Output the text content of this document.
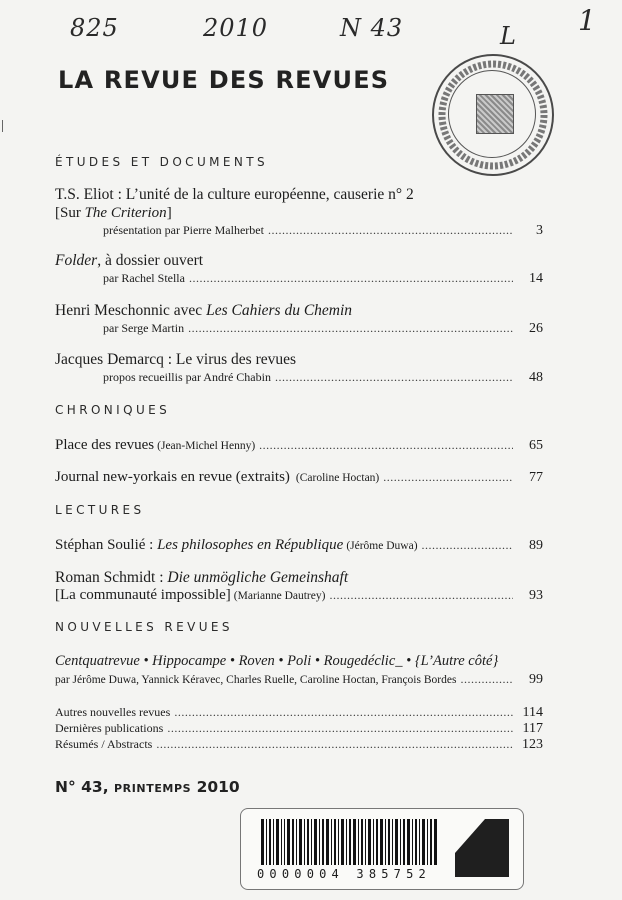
825	2010	N 43	L 1
LA REVUE DES REVUES
ÉTUDES ET DOCUMENTS
T.S. Eliot : L’unité de la culture européenne, causerie n° 2
[Sur The Criterion]
présentation par Pierre Malherbet .....	3
Folder, à dossier ouvert
par Rachel Stella .....	14
Henri Meschonnic avec Les Cahiers du Chemin
par Serge Martin .....	26
Jacques Demarcq : Le virus des revues
propos recueillis par André Chabin .....	48
CHRONIQUES
Place des revues
(Jean-Michel Henny) .....	65
Journal new-yorkais en revue (extraits)
(Caroline Hoctan) .....	77
LECTURES
Stéphan Soulié : Les philosophes en République
(Jérôme Duwa) .....	89
Roman Schmidt : Die unmögliche Gemeinshaft
[La communauté impossible]
(Marianne Dautrey) .....	93
NOUVELLES REVUES
Centquatrevue • Hippocampe • Roven • Poli • Rougedéclic_ • {L’Autre côté}
par Jérôme Duwa, Yannick Kéravec, Charles Ruelle, Caroline Hoctan, François Bordes .....	99
Autres nouvelles revues .....	114
Dernières publications .....	117
Résumés / Abstracts .....	123
N° 43, PRINTEMPS 2010
0000004 385752
